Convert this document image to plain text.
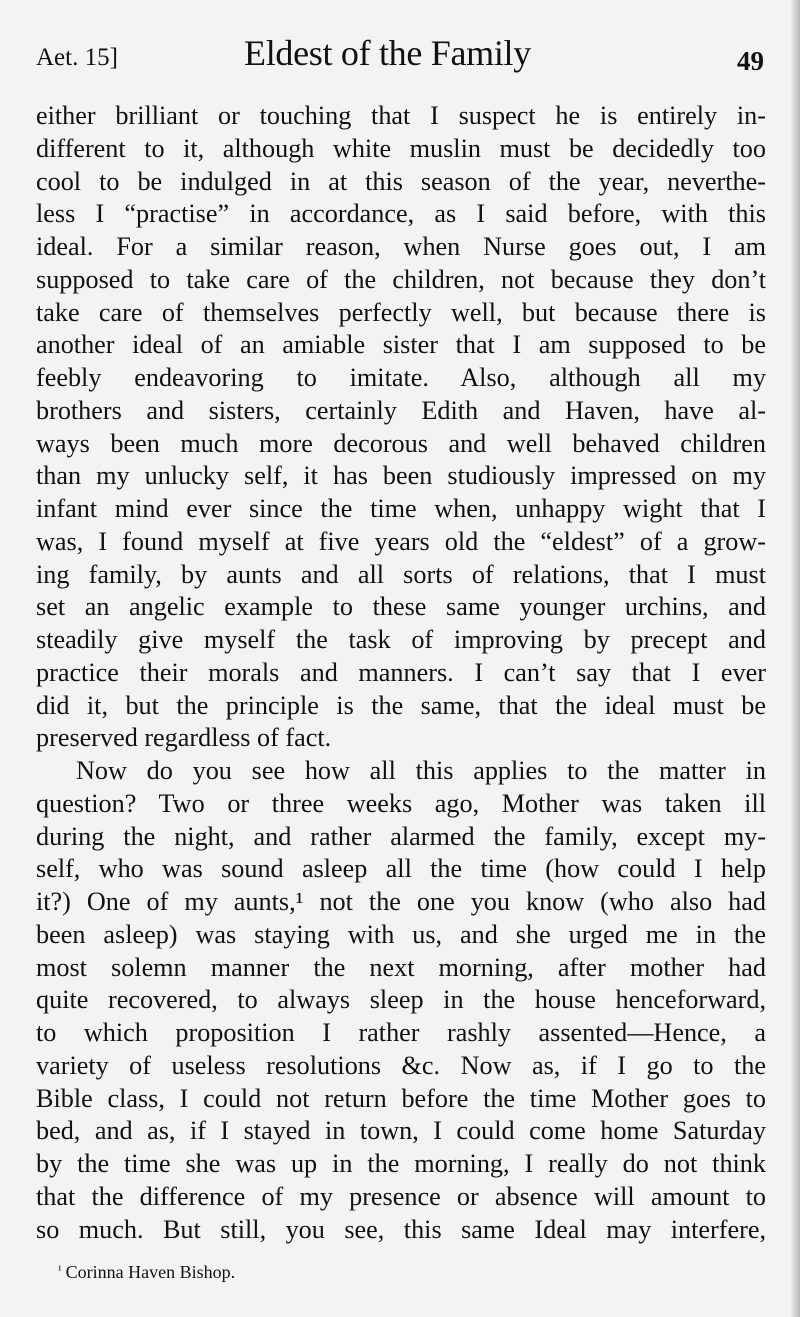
Aet. 15]	Eldest of the Family	49
either brilliant or touching that I suspect he is entirely in-
different to it, although white muslin must be decidedly too
cool to be indulged in at this season of the year, neverthe-
less I “practise” in accordance, as I said before, with this
ideal. For a similar reason, when Nurse goes out, I am
supposed to take care of the children, not because they don’t
take care of themselves perfectly well, but because there is
another ideal of an amiable sister that I am supposed to be
feebly endeavoring to imitate. Also, although all my
brothers and sisters, certainly Edith and Haven, have al-
ways been much more decorous and well behaved children
than my unlucky self, it has been studiously impressed on my
infant mind ever since the time when, unhappy wight that I
was, I found myself at five years old the “eldest” of a grow-
ing family, by aunts and all sorts of relations, that I must
set an angelic example to these same younger urchins, and
steadily give myself the task of improving by precept and
practice their morals and manners. I can’t say that I ever
did it, but the principle is the same, that the ideal must be
preserved regardless of fact.
Now do you see how all this applies to the matter in
question? Two or three weeks ago, Mother was taken ill
during the night, and rather alarmed the family, except my-
self, who was sound asleep all the time (how could I help
it?) One of my aunts,¹ not the one you know (who also had
been asleep) was staying with us, and she urged me in the
most solemn manner the next morning, after mother had
quite recovered, to always sleep in the house henceforward,
to which proposition I rather rashly assented—Hence, a
variety of useless resolutions &c. Now as, if I go to the
Bible class, I could not return before the time Mother goes to
bed, and as, if I stayed in town, I could come home Saturday
by the time she was up in the morning, I really do not think
that the difference of my presence or absence will amount to
so much. But still, you see, this same Ideal may interfere,
$^{^1}$ Corinna Haven Bishop.
